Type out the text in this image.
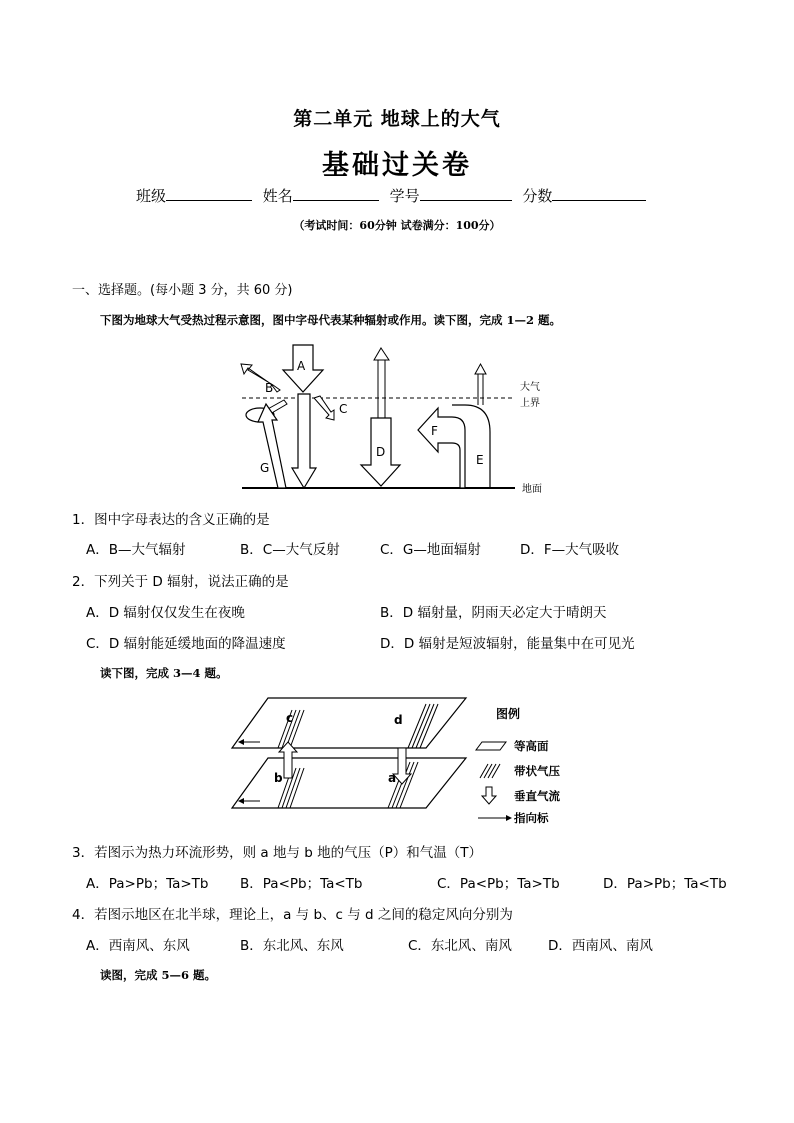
第二单元 地球上的大气
基础过关卷
班级	姓名	学号	分数
（考试时间：60分钟 试卷满分：100分）
一、选择题。(每小题 3 分，共 60 分)
下图为地球大气受热过程示意图，图中字母代表某种辐射或作用。读下图，完成 1—2 题。
A
B
C
D
E
F
G
大气
上界
地面
1．图中字母表达的含义正确的是
A．B—大气辐射	B．C—大气反射	C．G—地面辐射	D．F—大气吸收
2．下列关于 D 辐射，说法正确的是
A．D 辐射仅仅发生在夜晚	B．D 辐射量，阴雨天必定大于晴朗天
C．D 辐射能延缓地面的降温速度	D．D 辐射是短波辐射，能量集中在可见光
读下图，完成 3—4 题。
c	d
b	a
图例
等高面
带状气压
垂直气流
指向标
3．若图示为热力环流形势，则 a 地与 b 地的气压（P）和气温（T）
A．Pa>Pb；Ta>Tb B．Pa<Pb；Ta<Tb	C．Pa<Pb；Ta>Tb	D．Pa>Pb；Ta<Tb
4．若图示地区在北半球，理论上，a 与 b、c 与 d 之间的稳定风向分别为
A．西南风、东风	B．东北风、东风	C．东北风、南风	D．西南风、南风
读图，完成 5—6 题。
